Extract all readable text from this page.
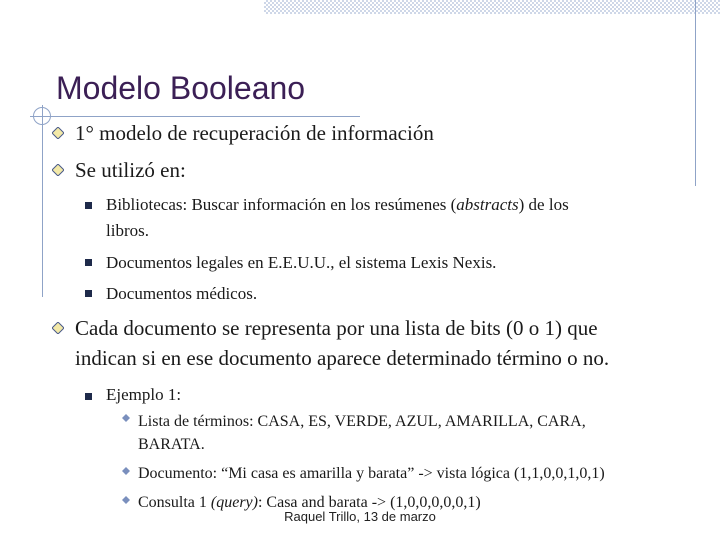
Modelo Booleano
1° modelo de recuperación de información
Se utilizó en:
Bibliotecas: Buscar información en los resúmenes (abstracts) de los
libros.
Documentos legales en E.E.U.U., el sistema Lexis Nexis.
Documentos médicos.
Cada documento se representa por una lista de bits (0 o 1) que
indican si en ese documento aparece determinado término o no.
Ejemplo 1:
Lista de términos: CASA, ES, VERDE, AZUL, AMARILLA, CARA,
BARATA.
Documento: “Mi casa es amarilla y barata” -> vista lógica (1,1,0,0,1,0,1)
Consulta 1 (query): Casa and barata -> (1,0,0,0,0,0,1)
Raquel Trillo, 13 de marzo
